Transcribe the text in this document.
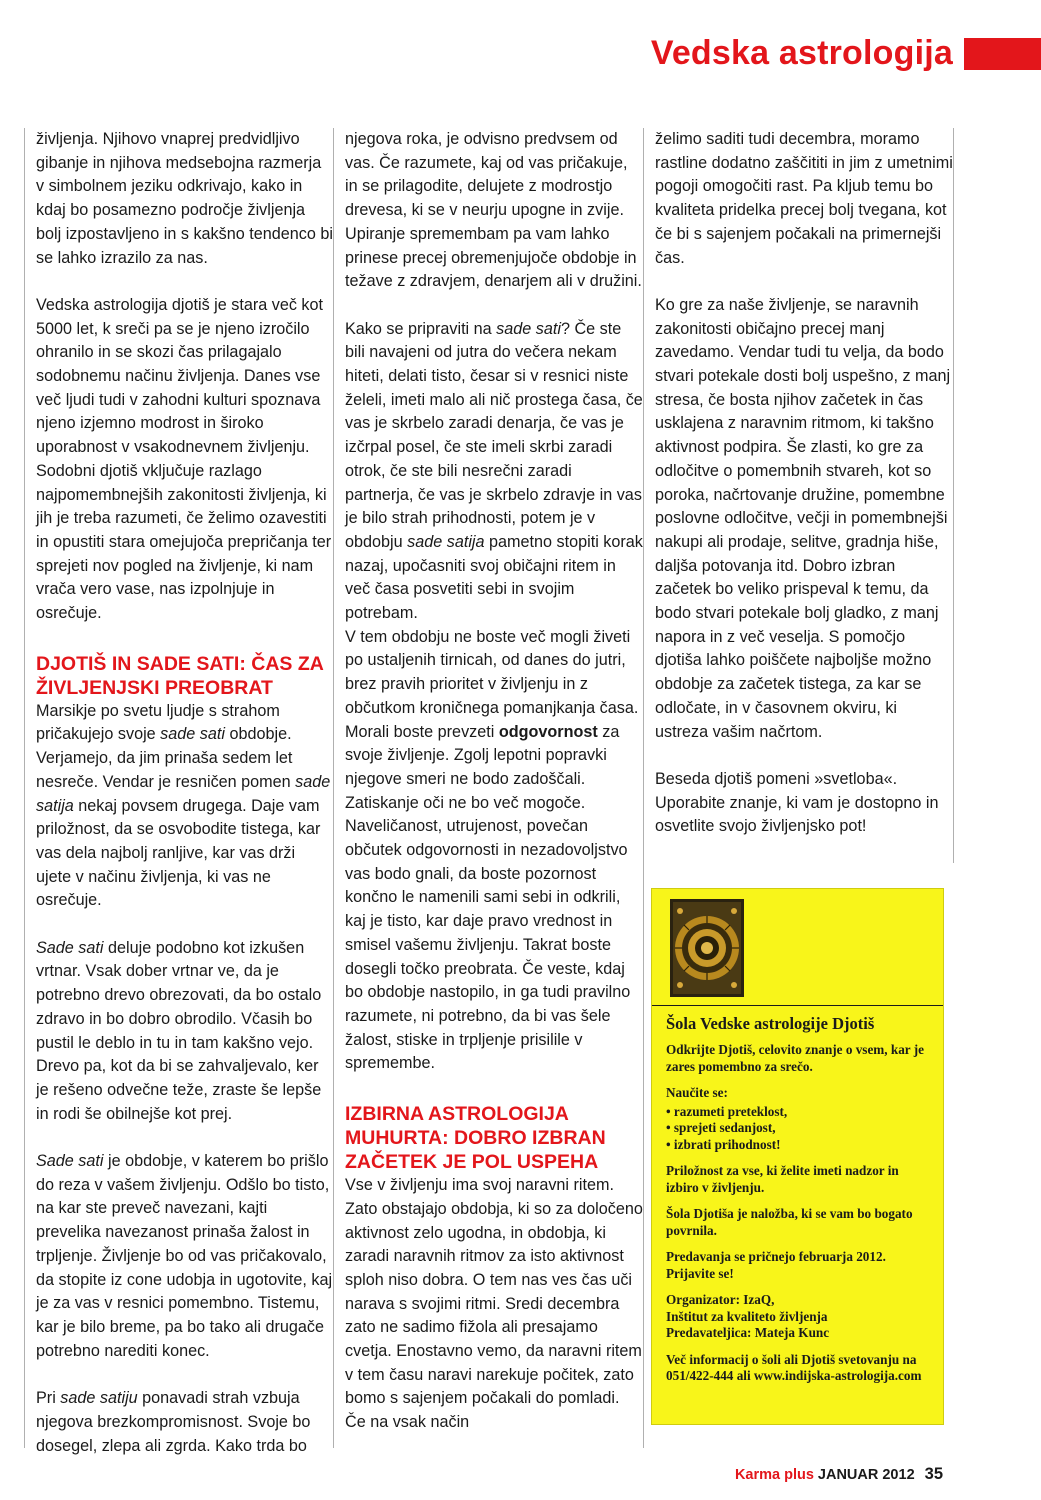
Vedska astrologija

življenja. Njihovo vnaprej predvidljivo gibanje in njihova medsebojna razmerja v simbolnem jeziku odkrivajo, kako in kdaj bo posamezno področje življenja bolj izpostavljeno in s kakšno tendenco bi se lahko izrazilo za nas.

Vedska astrologija djotiš je stara več kot 5000 let, k sreči pa se je njeno izročilo ohranilo in se skozi čas prilagajalo sodobnemu načinu življenja. Danes vse več ljudi tudi v zahodni kulturi spoznava njeno izjemno modrost in široko uporabnost v vsakodnevnem življenju.

Sodobni djotiš vključuje razlago najpomembnejših zakonitosti življenja, ki jih je treba razumeti, če želimo ozavestiti in opustiti stara omejujoča prepričanja ter sprejeti nov pogled na življenje, ki nam vrača vero vase, nas izpolnjuje in osrečuje.

DJOTIŠ IN SADE SATI: ČAS ZA ŽIVLJENJSKI PREOBRAT

Marsikje po svetu ljudje s strahom pričakujejo svoje sade sati obdobje. Verjamejo, da jim prinaša sedem let nesreče. Vendar je resničen pomen sade satija nekaj povsem drugega. Daje vam priložnost, da se osvobodite tistega, kar vas dela najbolj ranljive, kar vas drži ujete v načinu življenja, ki vas ne osrečuje.

Sade sati deluje podobno kot izkušen vrtnar. Vsak dober vrtnar ve, da je potrebno drevo obrezovati, da bo ostalo zdravo in bo dobro obrodilo. Včasih bo pustil le deblo in tu in tam kakšno vejo. Drevo pa, kot da bi se zahvaljevalo, ker je rešeno odvečne teže, zraste še lepše in rodi še obilnejše kot prej.

Sade sati je obdobje, v katerem bo prišlo do reza v vašem življenju. Odšlo bo tisto, na kar ste preveč navezani, kajti prevelika navezanost prinaša žalost in trpljenje. Življenje bo od vas pričakovalo, da stopite iz cone udobja in ugotovite, kaj je za vas v resnici pomembno. Tistemu, kar je bilo breme, pa bo tako ali drugače potrebno narediti konec.

Pri sade satiju ponavadi strah vzbuja njegova brezkompromisnost. Svoje bo dosegel, zlepa ali zgrda. Kako trda bo

njegova roka, je odvisno predvsem od vas. Če razumete, kaj od vas pričakuje, in se prilagodite, delujete z modrostjo drevesa, ki se v neurju upogne in zvije. Upiranje spremembam pa vam lahko prinese precej obremenjujoče obdobje in težave z zdravjem, denarjem ali v družini.

Kako se pripraviti na sade sati? Če ste bili navajeni od jutra do večera nekam hiteti, delati tisto, česar si v resnici niste želeli, imeti malo ali nič prostega časa, če vas je skrbelo zaradi denarja, če vas je izčrpal posel, če ste imeli skrbi zaradi otrok, če ste bili nesrečni zaradi partnerja, če vas je skrbelo zdravje in vas je bilo strah prihodnosti, potem je v obdobju sade satija pametno stopiti korak nazaj, upočasniti svoj običajni ritem in več časa posvetiti sebi in svojim potrebam.

V tem obdobju ne boste več mogli živeti po ustaljenih tirnicah, od danes do jutri, brez pravih prioritet v življenju in z občutkom kroničnega pomanjkanja časa. Morali boste prevzeti odgovornost za svoje življenje. Zgolj lepotni popravki njegove smeri ne bodo zadoščali. Zatiskanje oči ne bo več mogoče. Naveličanost, utrujenost, povečan občutek odgovornosti in nezadovoljstvo vas bodo gnali, da boste pozornost končno le namenili sami sebi in odkrili, kaj je tisto, kar daje pravo vrednost in smisel vašemu življenju. Takrat boste dosegli točko preobrata. Če veste, kdaj bo obdobje nastopilo, in ga tudi pravilno razumete, ni potrebno, da bi vas šele žalost, stiske in trpljenje prisilile v spremembe.

IZBIRNA ASTROLOGIJA MUHURTA: DOBRO IZBRAN ZAČETEK JE POL USPEHA

Vse v življenju ima svoj naravni ritem. Zato obstajajo obdobja, ki so za določeno aktivnost zelo ugodna, in obdobja, ki zaradi naravnih ritmov za isto aktivnost sploh niso dobra. O tem nas ves čas uči narava s svojimi ritmi. Sredi decembra zato ne sadimo fižola ali presajamo cvetja. Enostavno vemo, da naravni ritem v tem času naravi narekuje počitek, zato bomo s sajenjem počakali do pomladi. Če na vsak način

želimo saditi tudi decembra, moramo rastline dodatno zaščititi in jim z umetnimi pogoji omogočiti rast. Pa kljub temu bo kvaliteta pridelka precej bolj tvegana, kot če bi s sajenjem počakali na primernejši čas.

Ko gre za naše življenje, se naravnih zakonitosti običajno precej manj zavedamo. Vendar tudi tu velja, da bodo stvari potekale dosti bolj uspešno, z manj stresa, če bosta njihov začetek in čas usklajena z naravnim ritmom, ki takšno aktivnost podpira. Še zlasti, ko gre za odločitve o pomembnih stvareh, kot so poroka, načrtovanje družine, pomembne poslovne odločitve, večji in pomembnejši nakupi ali prodaje, selitve, gradnja hiše, daljša potovanja itd. Dobro izbran začetek bo veliko prispeval k temu, da bodo stvari potekale bolj gladko, z manj napora in z več veselja. S pomočjo djotiša lahko poiščete najboljše možno obdobje za začetek tistega, za kar se odločate, in v časovnem okviru, ki ustreza vašim načrtom.

Beseda djotiš pomeni »svetloba«. Uporabite znanje, ki vam je dostopno in osvetlite svojo življenjsko pot!

Šola Vedske astrologije Djotiš

Odkrijte Djotiš, celovito znanje o vsem, kar je zares pomembno za srečo.

Naučite se:

• razumeti preteklost,
• sprejeti sedanjost,
• izbrati prihodnost!

Priložnost za vse, ki želite imeti nadzor in izbiro v življenju.

Šola Djotiša je naložba, ki se vam bo bogato povrnila.

Predavanja se pričnejo februarja 2012. Prijavite se!

Organizator: IzaQ,
Inštitut za kvaliteto življenja
Predavateljica: Mateja Kunc

Več informacij o šoli ali Djotiš svetovanju na 051/422-444 ali www.indijska-astrologija.com

Karma plus JANUAR 2012 35
